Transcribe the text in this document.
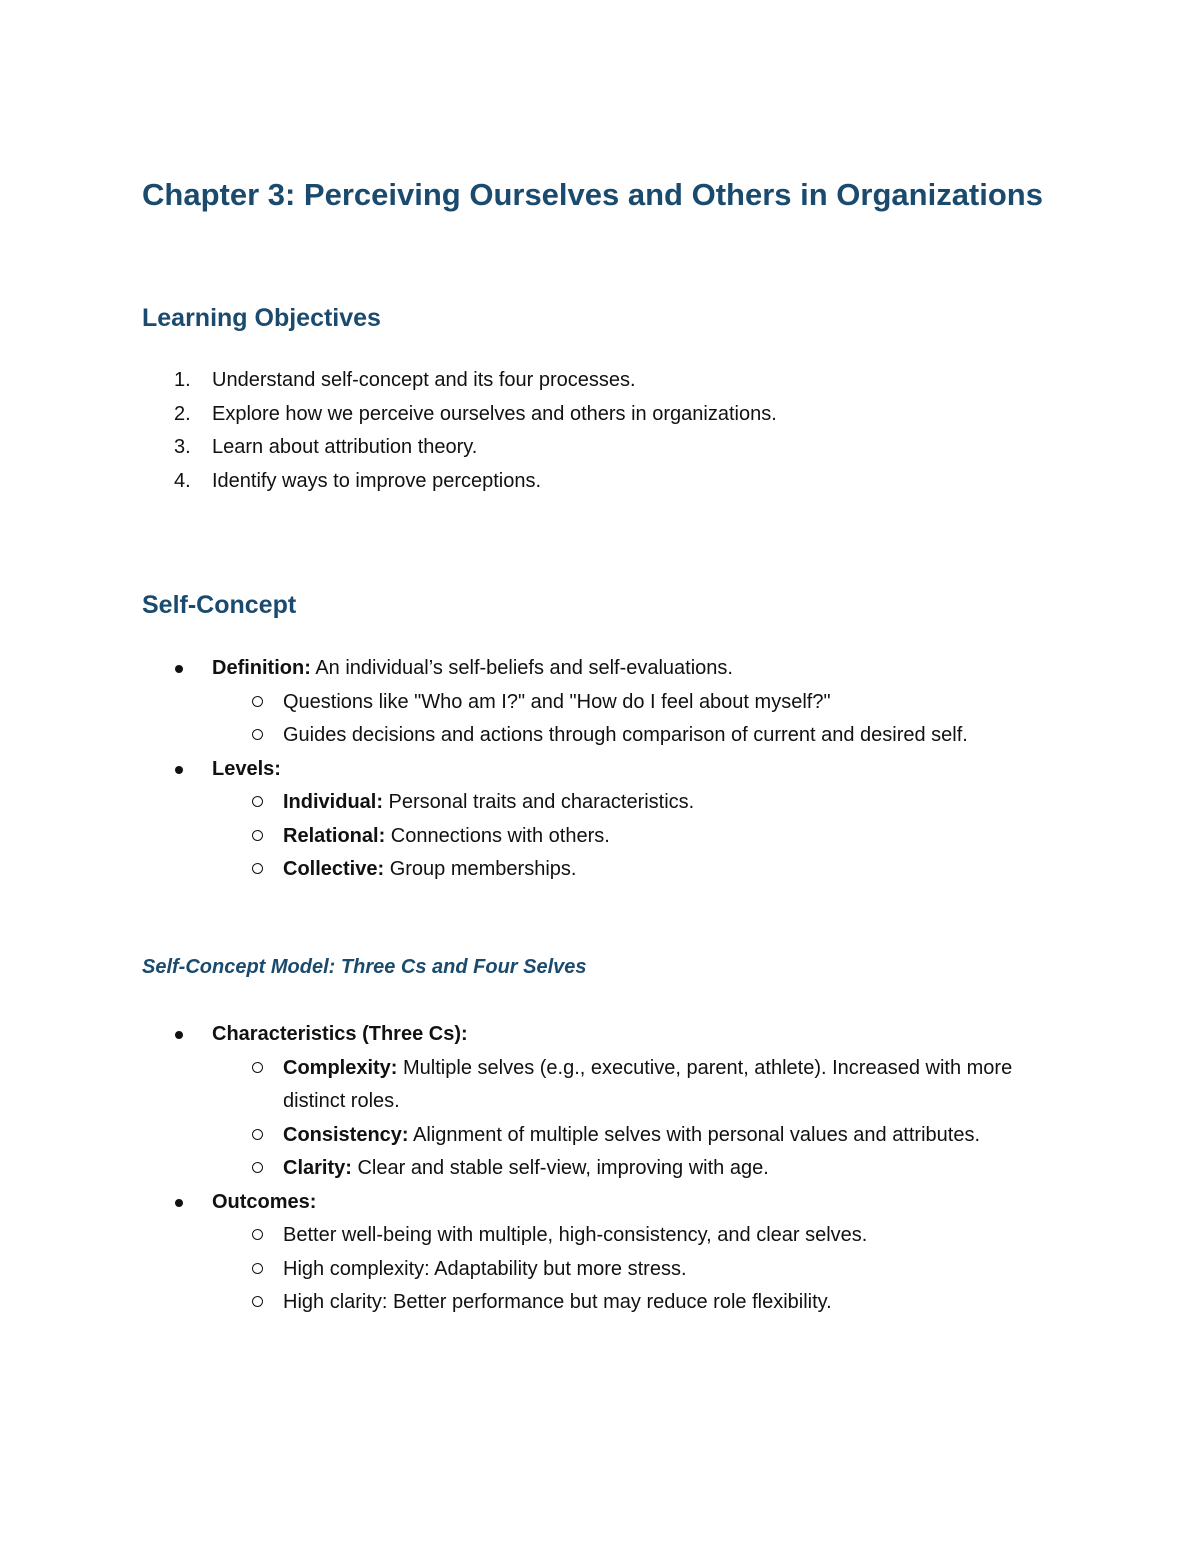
Chapter 3: Perceiving Ourselves and Others in Organizations
Learning Objectives
1. Understand self-concept and its four processes.
2. Explore how we perceive ourselves and others in organizations.
3. Learn about attribution theory.
4. Identify ways to improve perceptions.
Self-Concept
Definition: An individual’s self-beliefs and self-evaluations.
Questions like "Who am I?" and "How do I feel about myself?"
Guides decisions and actions through comparison of current and desired self.
Levels:
Individual: Personal traits and characteristics.
Relational: Connections with others.
Collective: Group memberships.
Self-Concept Model: Three Cs and Four Selves
Characteristics (Three Cs):
Complexity: Multiple selves (e.g., executive, parent, athlete). Increased with more distinct roles.
Consistency: Alignment of multiple selves with personal values and attributes.
Clarity: Clear and stable self-view, improving with age.
Outcomes:
Better well-being with multiple, high-consistency, and clear selves.
High complexity: Adaptability but more stress.
High clarity: Better performance but may reduce role flexibility.
